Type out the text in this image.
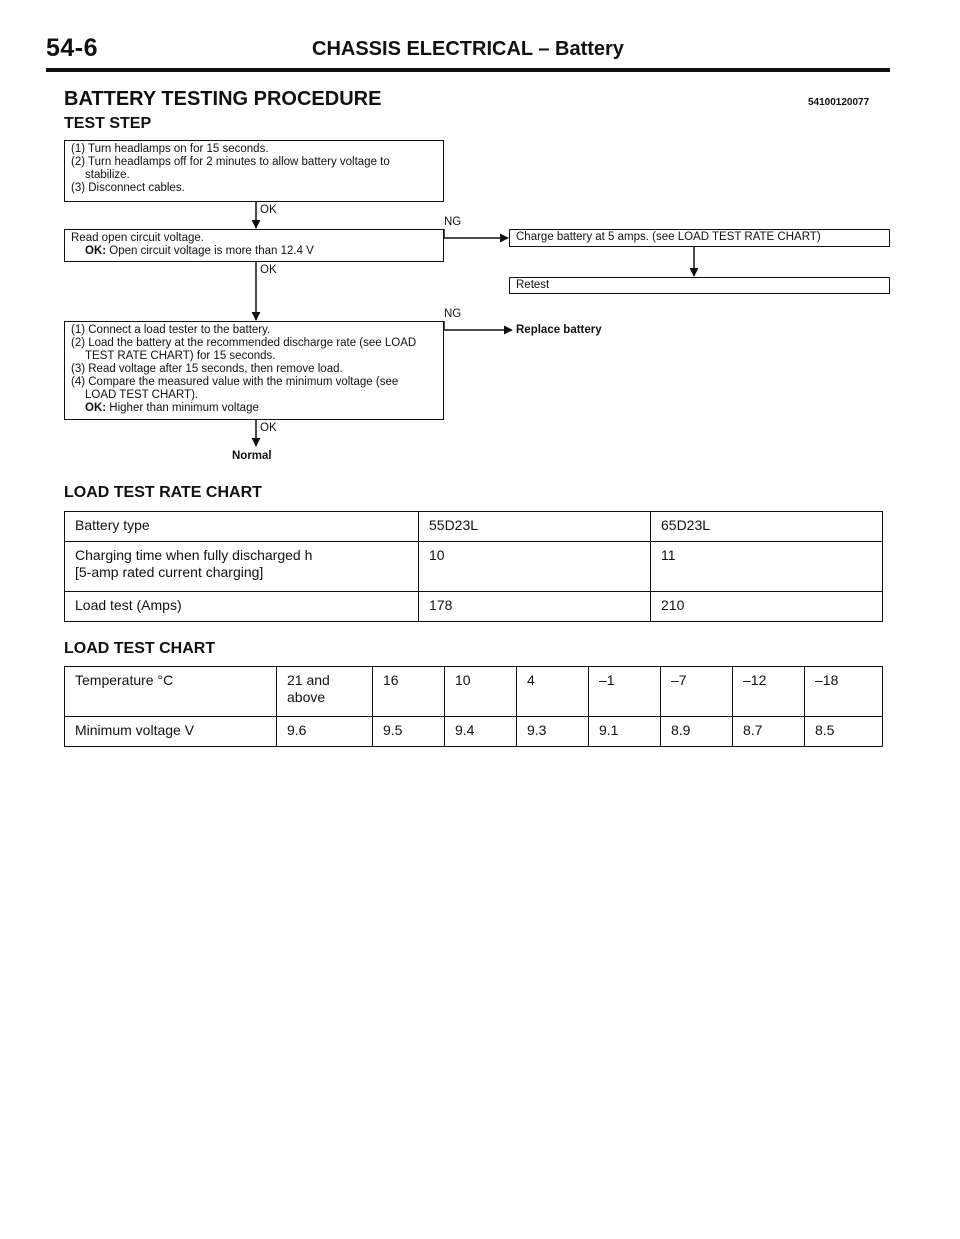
54-6	CHASSIS ELECTRICAL – Battery
BATTERY TESTING PROCEDURE	54100120077
TEST STEP

(1) Turn headlamps on for 15 seconds.

(2) Turn headlamps off for 2 minutes to allow battery voltage to

stabilize.

(3) Disconnect cables.

OK

Read open circuit voltage.

OK: Open circuit voltage is more than 12.4 V

NG
OK

Charge battery at 5 amps. (see LOAD TEST RATE CHART)

Retest

(1) Connect a load tester to the battery.

(2) Load the battery at the recommended discharge rate (see LOAD

TEST RATE CHART) for 15 seconds.

(3) Read voltage after 15 seconds, then remove load.

(4) Compare the measured value with the minimum voltage (see

LOAD TEST CHART).

OK: Higher than minimum voltage

NG
Replace battery
OK
Normal
LOAD TEST RATE CHART
Battery type	55D23L	65D23L

Charging time when fully discharged h
[5-amp rated current charging]	10	11
Load test (Amps)	178	210
LOAD TEST CHART
Temperature °C	21 and above	16	10	4	–1	–7	–12	–18
Minimum voltage V	9.6	9.5	9.4	9.3	9.1	8.9	8.7	8.5
